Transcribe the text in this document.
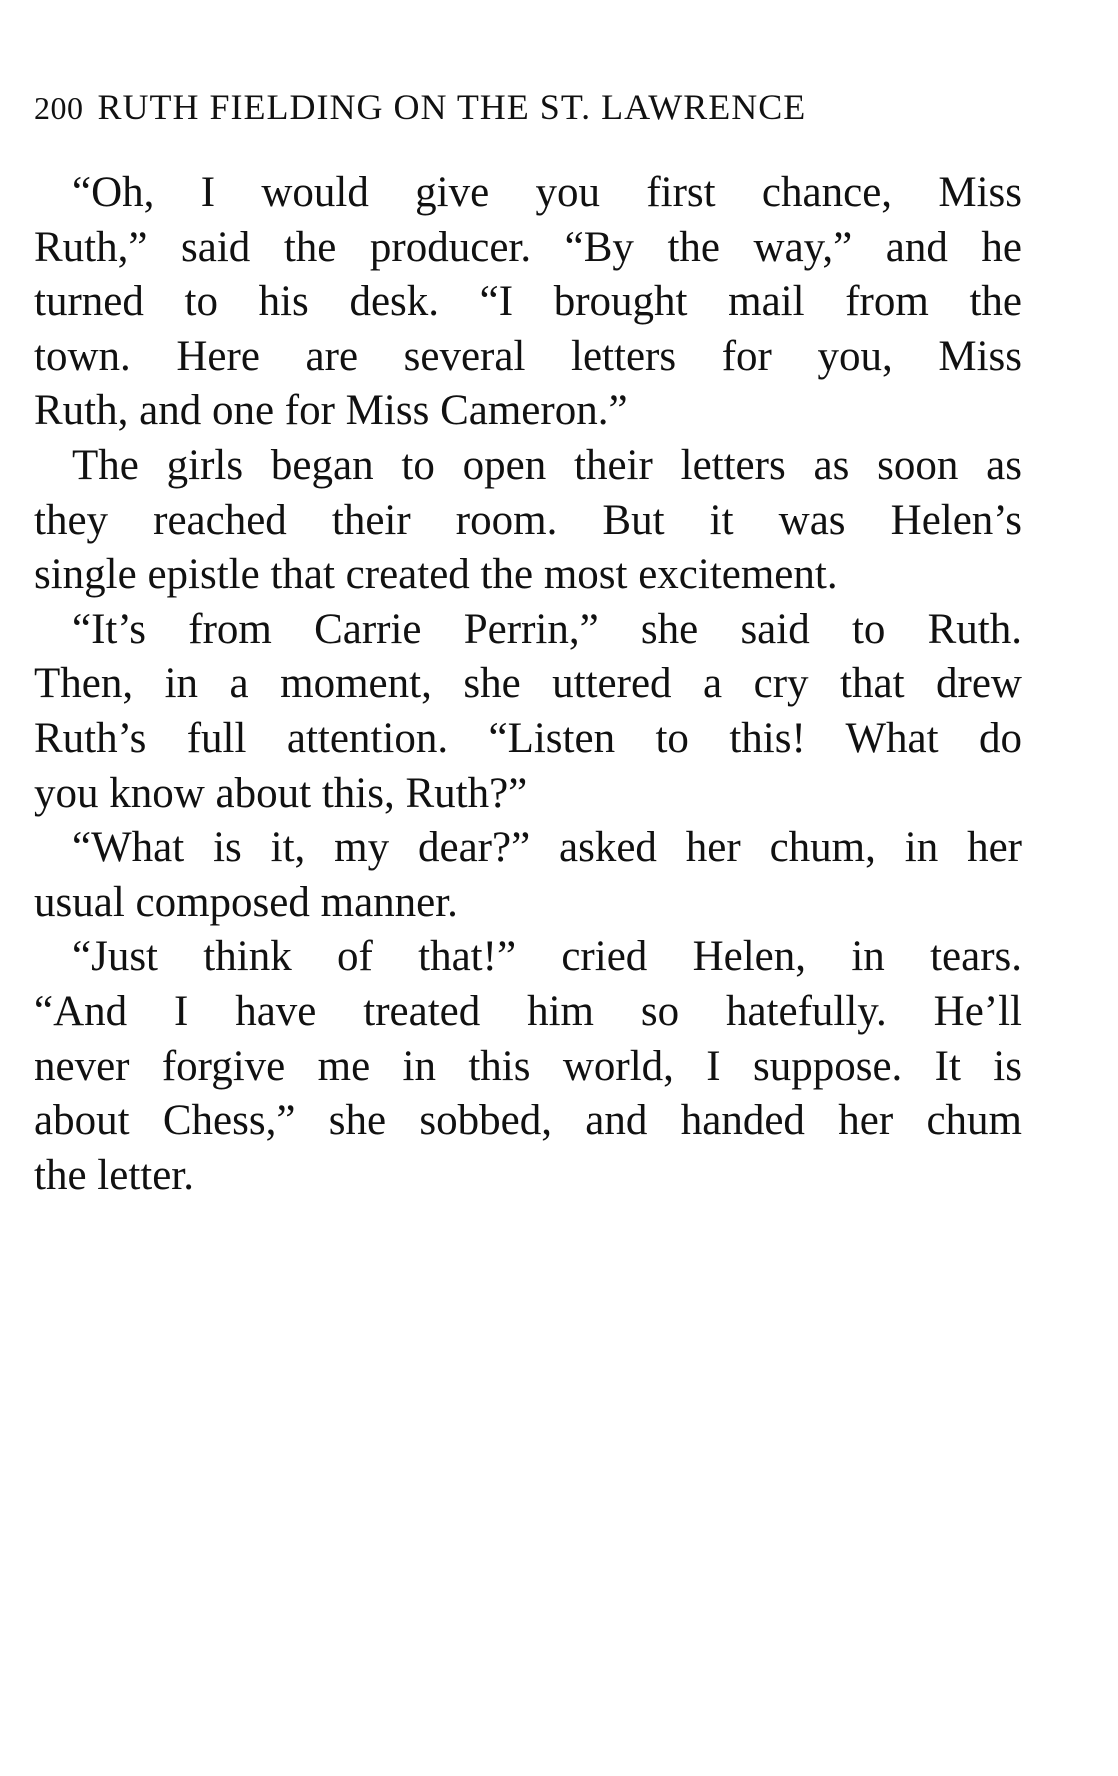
200 RUTH FIELDING ON THE ST. LAWRENCE

“Oh, I would give you first chance, Miss
Ruth,” said the producer. “By the way,” and he
turned to his desk. “I brought mail from the
town. Here are several letters for you, Miss
Ruth, and one for Miss Cameron.”

The girls began to open their letters as soon as
they reached their room. But it was Helen’s
single epistle that created the most excitement.

“It’s from Carrie Perrin,” she said to Ruth.
Then, in a moment, she uttered a cry that drew
Ruth’s full attention. “Listen to this! What do
you know about this, Ruth?”

“What is it, my dear?” asked her chum, in her
usual composed manner.

“Just think of that!” cried Helen, in tears.
“And I have treated him so hatefully. He’ll
never forgive me in this world, I suppose. It is
about Chess,” she sobbed, and handed her chum
the letter.
